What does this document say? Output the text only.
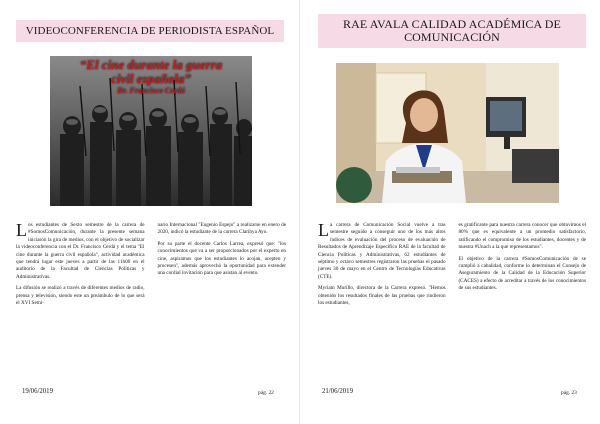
VIDEOCONFERENCIA DE PERIODISTA ESPAÑOL
“El cine durante la guerra
civil española”
Dr. Francisco Cerdá

Los estudiantes de Sexto semestre de la carrera de #SomosComunicación, durante la presente semana iniciaron la gira de medios, con el objetivo de socializar la videoconferencia con el Dr. Francisco Cerdá y el tema "El cine durante la guerra civil española", actividad académica que tendrá lugar este jueves a partir de las 11h00 en el auditorio de la Facultad de Ciencias Políticas y Administrativas.

La difusión se realizó a través de diferentes medios de radio, prensa y televisión, siendo este un preámbulo de lo que será el XVI Semi-

nario Internacional "Eugenio Espejo" a realizarse en enero de 2020, indicó la estudiante de la carrera Clarihya Ayo.

Por su parte el docente Carlos Larrea, expresó que: "los conocimientos que va a ser proporcionados por el experto en cine, aspiramos que los estudiantes lo acojan, acepten y procesen", además aprovechó la oportunidad para extender una cordial invitación para que asistan al evento.

19/06/2019	pág. 22
RAE AVALA CALIDAD ACADÉMICA DE COMUNICACIÓN

La carrera de Comunicación Social vuelve a tras semestre seguido a conseguir uno de los más altos índices de evaluación del proceso de evaluación de Resultados de Aprendizaje Específico RAE de la facultad de Ciencia Políticas y Administrativas, 62 estudiantes de séptimo y octavo semestres registraron las pruebas el pasado jueves 30 de mayo en el Centro de Tecnologías Educativas (CTE).

Myriam Murillo, directora de la Carrera expresó. "Hemos obtenido los resultados finales de las pruebas que rindieron los estudiantes,

es gratificante para nuestra carrera conocer que obtuvimos el 80% que es equivalente a un promedio satisfactorio, ratificando el compromiso de los estudiantes, docentes y de nuestra #Unach a la que representamos".

El objetivo de la carrera #SomosComunicación de se cumplió a cabalidad, conforme lo determinan el Consejo de Aseguramiento de la Calidad de la Educación Superior (CACES) a efecto de acreditar a través de los conocimientos de sus estudiantes.

21/06/2019	pág. 23
